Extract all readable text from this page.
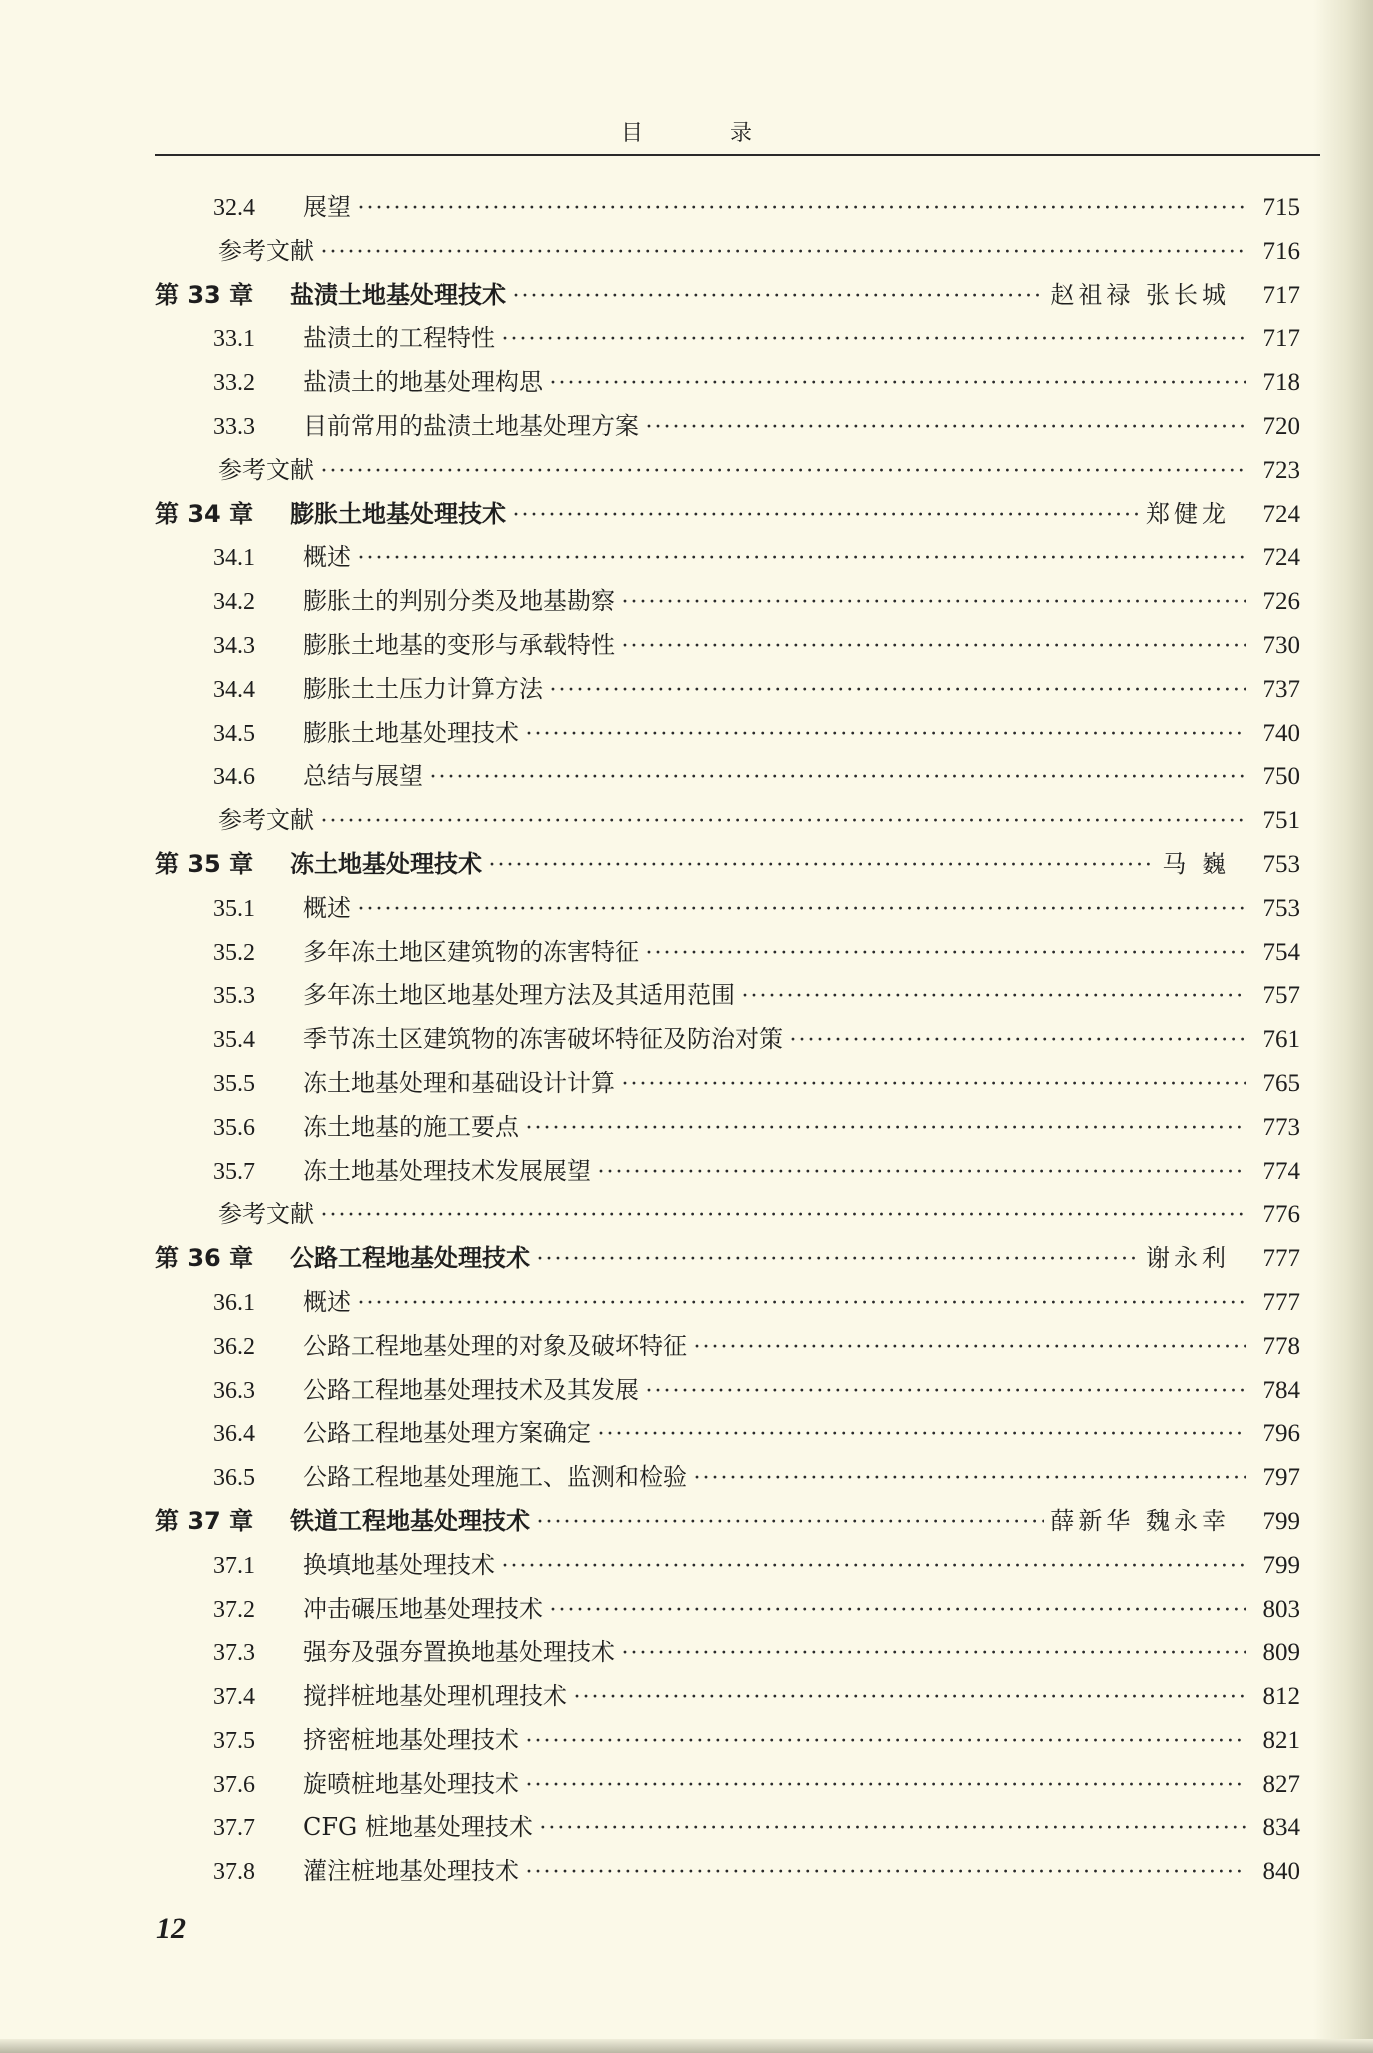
目 录
32.4	展望 ·····	715
参考文献 ·····	716
第 33 章	盐渍土地基处理技术 ·····	赵祖禄 张长城	717
33.1	盐渍土的工程特性 ·····	717
33.2	盐渍土的地基处理构思 ·····	718
33.3	目前常用的盐渍土地基处理方案 ·····	720
参考文献 ·····	723
第 34 章	膨胀土地基处理技术 ·····	郑健龙	724
34.1	概述 ·····	724
34.2	膨胀土的判别分类及地基勘察 ·····	726
34.3	膨胀土地基的变形与承载特性 ·····	730
34.4	膨胀土土压力计算方法 ·····	737
34.5	膨胀土地基处理技术 ·····	740
34.6	总结与展望 ·····	750
参考文献 ·····	751
第 35 章	冻土地基处理技术 ·····	马 巍	753
35.1	概述 ·····	753
35.2	多年冻土地区建筑物的冻害特征 ·····	754
35.3	多年冻土地区地基处理方法及其适用范围 ·····	757
35.4	季节冻土区建筑物的冻害破坏特征及防治对策 ·····	761
35.5	冻土地基处理和基础设计计算 ·····	765
35.6	冻土地基的施工要点 ·····	773
35.7	冻土地基处理技术发展展望 ·····	774
参考文献 ·····	776
第 36 章	公路工程地基处理技术 ·····	谢永利	777
36.1	概述 ·····	777
36.2	公路工程地基处理的对象及破坏特征 ·····	778
36.3	公路工程地基处理技术及其发展 ·····	784
36.4	公路工程地基处理方案确定 ·····	796
36.5	公路工程地基处理施工、监测和检验 ·····	797
第 37 章	铁道工程地基处理技术 ·····	薛新华 魏永幸	799
37.1	换填地基处理技术 ·····	799
37.2	冲击碾压地基处理技术 ·····	803
37.3	强夯及强夯置换地基处理技术 ·····	809
37.4	搅拌桩地基处理机理技术 ·····	812
37.5	挤密桩地基处理技术 ·····	821
37.6	旋喷桩地基处理技术 ·····	827
37.7	CFG 桩地基处理技术 ·····	834
37.8	灌注桩地基处理技术 ·····	840
12
